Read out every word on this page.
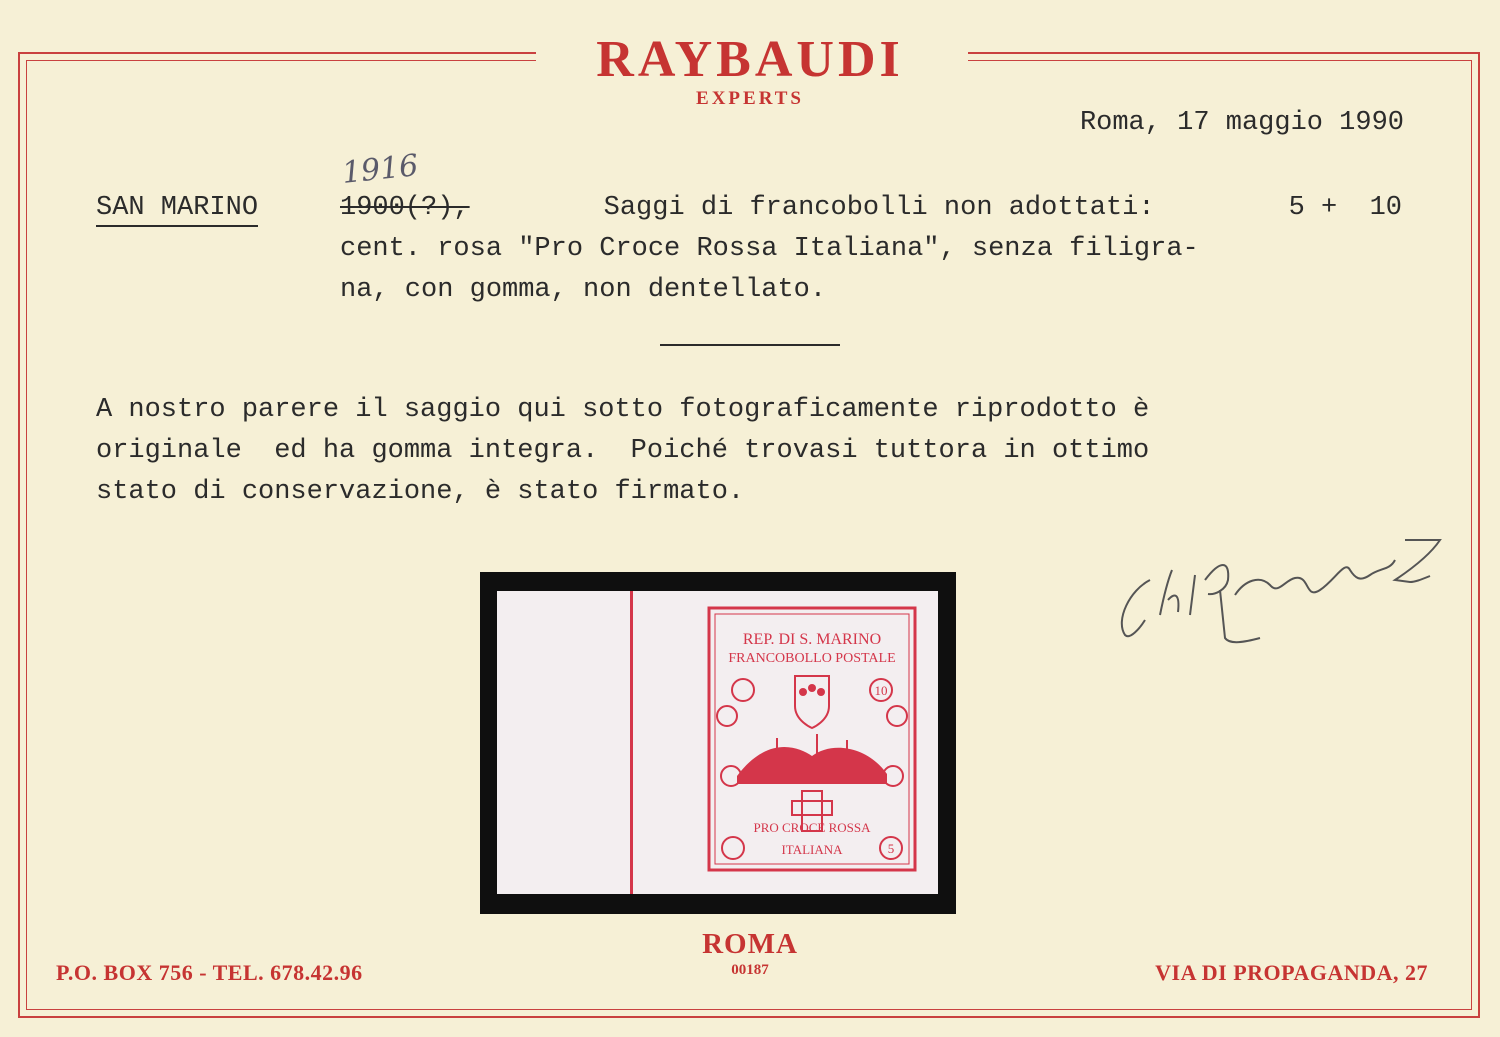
RAYBAUDI
EXPERTS
Roma, 17 maggio 1990
SAN MARINO
1916
1900(?),	Saggi di francobolli non adottati:	5 +  10
cent. rosa "Pro Croce Rossa Italiana", senza filigra-
na, con gomma, non dentellato.
A nostro parere il saggio qui sotto fotograficamente riprodotto è
originale  ed ha gomma integra.  Poiché trovasi tuttora in ottimo
stato di conservazione, è stato firmato.
REP. DI S. MARINO
FRANCOBOLLO POSTALE
10
PRO CROCE ROSSA
ITALIANA	5
ROMA
00187
P.O. BOX 756 - TEL. 678.42.96	VIA DI PROPAGANDA, 27
